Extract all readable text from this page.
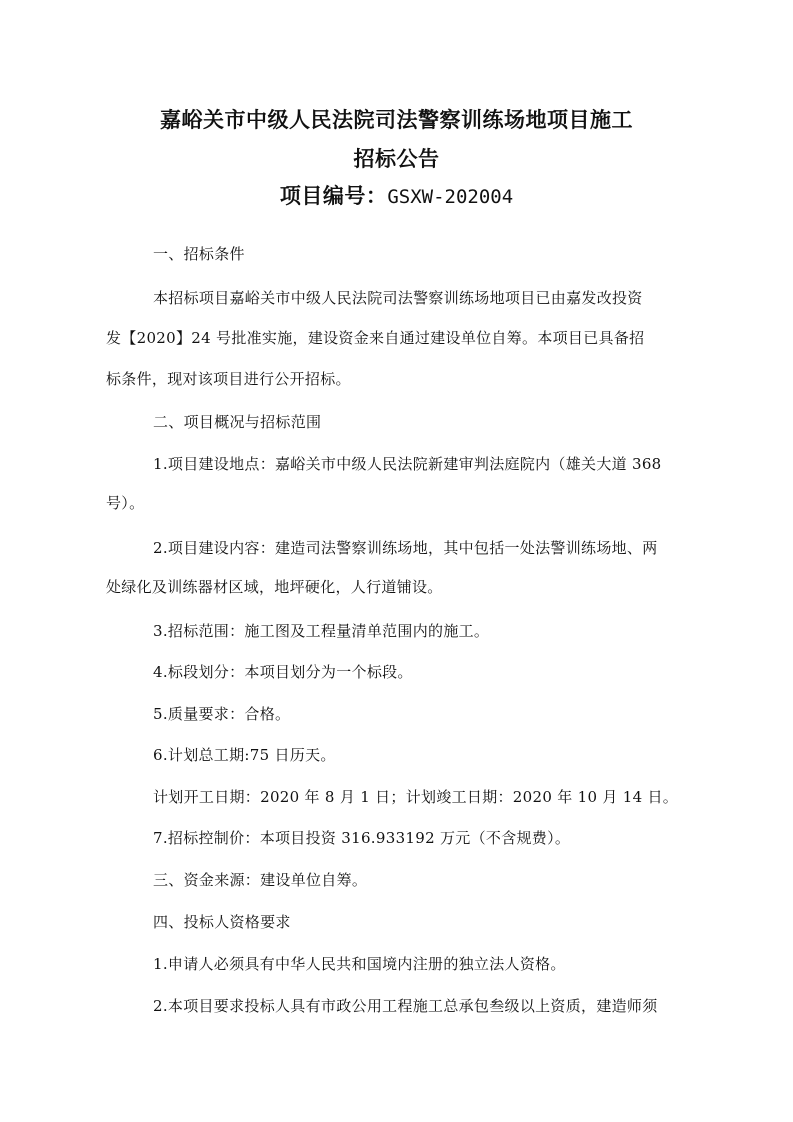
嘉峪关市中级人民法院司法警察训练场地项目施工
招标公告
项目编号：GSXW-202004
一、招标条件
本招标项目嘉峪关市中级人民法院司法警察训练场地项目已由嘉发改投资
发【2020】24 号批准实施，建设资金来自通过建设单位自筹。本项目已具备招
标条件，现对该项目进行公开招标。
二、项目概况与招标范围
1.项目建设地点：嘉峪关市中级人民法院新建审判法庭院内（雄关大道 368
号）。
2.项目建设内容：建造司法警察训练场地，其中包括一处法警训练场地、两
处绿化及训练器材区域，地坪硬化，人行道铺设。
3.招标范围：施工图及工程量清单范围内的施工。
4.标段划分：本项目划分为一个标段。
5.质量要求：合格。
6.计划总工期:75 日历天。
计划开工日期：2020 年 8 月 1 日；计划竣工日期：2020 年 10 月 14 日。
7.招标控制价：本项目投资 316.933192 万元（不含规费）。
三、资金来源：建设单位自筹。
四、投标人资格要求
1.申请人必须具有中华人民共和国境内注册的独立法人资格。
2.本项目要求投标人具有市政公用工程施工总承包叁级以上资质，建造师须
